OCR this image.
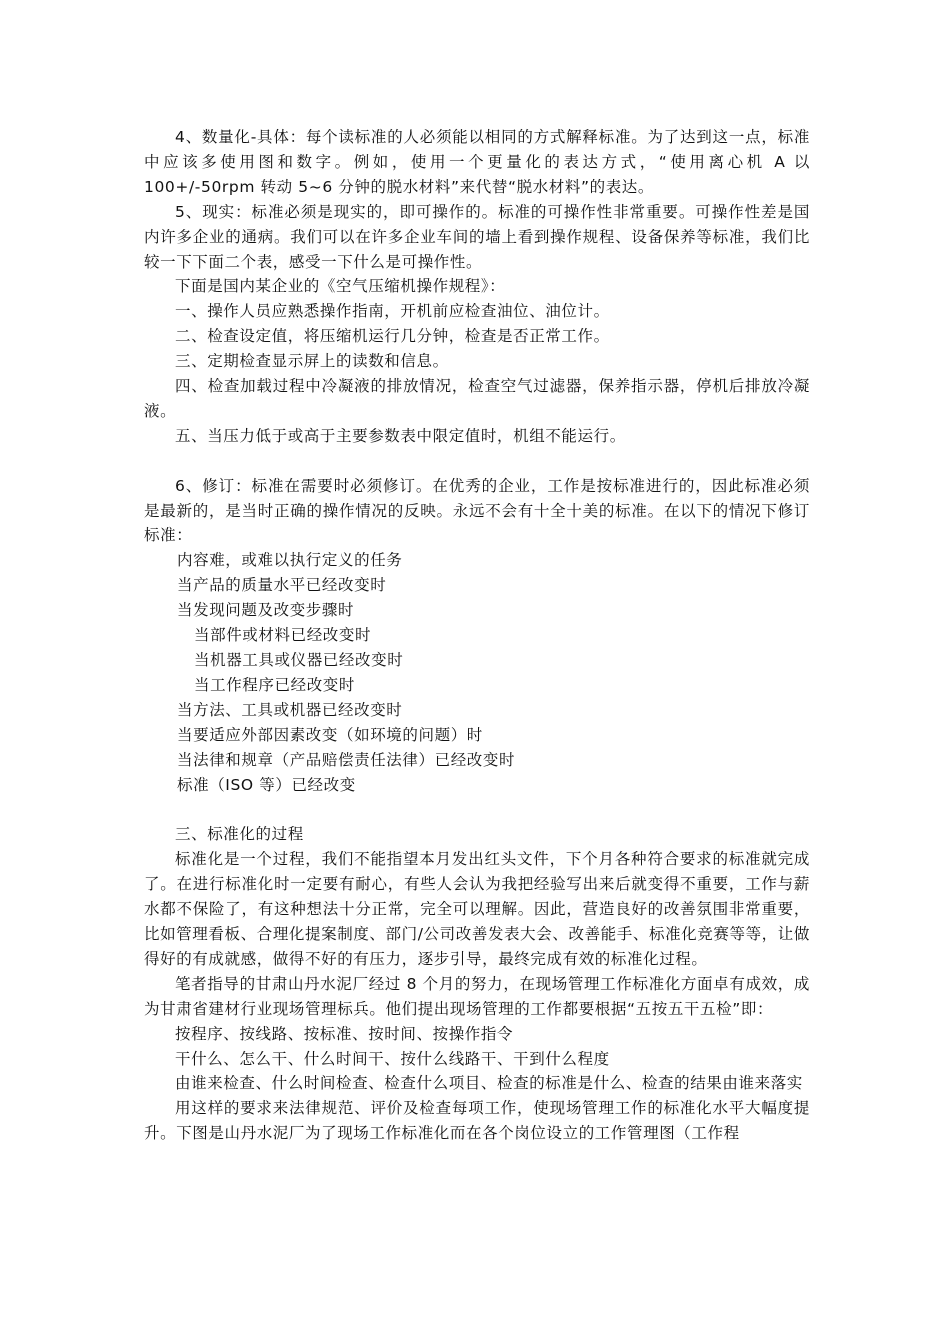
4、数量化-具体：每个读标准的人必须能以相同的方式解释标准。为了达到这一点，标准中应该多使用图和数字。例如，使用一个更量化的表达方式，“使用离心机 A 以 100+/-50rpm 转动 5~6 分钟的脱水材料”来代替“脱水材料”的表达。

5、现实：标准必须是现实的，即可操作的。标准的可操作性非常重要。可操作性差是国内许多企业的通病。我们可以在许多企业车间的墙上看到操作规程、设备保养等标准，我们比较一下下面二个表，感受一下什么是可操作性。

下面是国内某企业的《空气压缩机操作规程》：

一、操作人员应熟悉操作指南，开机前应检查油位、油位计。

二、检查设定值，将压缩机运行几分钟，检查是否正常工作。

三、定期检查显示屏上的读数和信息。

四、检查加载过程中冷凝液的排放情况，检查空气过滤器，保养指示器，停机后排放冷凝液。

五、当压力低于或高于主要参数表中限定值时，机组不能运行。

6、修订：标准在需要时必须修订。在优秀的企业，工作是按标准进行的，因此标准必须是最新的，是当时正确的操作情况的反映。永远不会有十全十美的标准。在以下的情况下修订标准：

内容难，或难以执行定义的任务

当产品的质量水平已经改变时

当发现问题及改变步骤时

当部件或材料已经改变时

当机器工具或仪器已经改变时

当工作程序已经改变时

当方法、工具或机器已经改变时

当要适应外部因素改变（如环境的问题）时

当法律和规章（产品赔偿责任法律）已经改变时

标准（ISO 等）已经改变

三、标准化的过程

标准化是一个过程，我们不能指望本月发出红头文件，下个月各种符合要求的标准就完成了。在进行标准化时一定要有耐心，有些人会认为我把经验写出来后就变得不重要，工作与薪水都不保险了，有这种想法十分正常，完全可以理解。因此，营造良好的改善氛围非常重要，比如管理看板、合理化提案制度、部门/公司改善发表大会、改善能手、标准化竞赛等等，让做得好的有成就感，做得不好的有压力，逐步引导，最终完成有效的标准化过程。

笔者指导的甘肃山丹水泥厂经过 8 个月的努力，在现场管理工作标准化方面卓有成效，成为甘肃省建材行业现场管理标兵。他们提出现场管理的工作都要根据“五按五干五检”即：

按程序、按线路、按标准、按时间、按操作指令

干什么、怎么干、什么时间干、按什么线路干、干到什么程度

由谁来检查、什么时间检查、检查什么项目、检查的标准是什么、检查的结果由谁来落实

用这样的要求来法律规范、评价及检查每项工作，使现场管理工作的标准化水平大幅度提升。下图是山丹水泥厂为了现场工作标准化而在各个岗位设立的工作管理图（工作程
